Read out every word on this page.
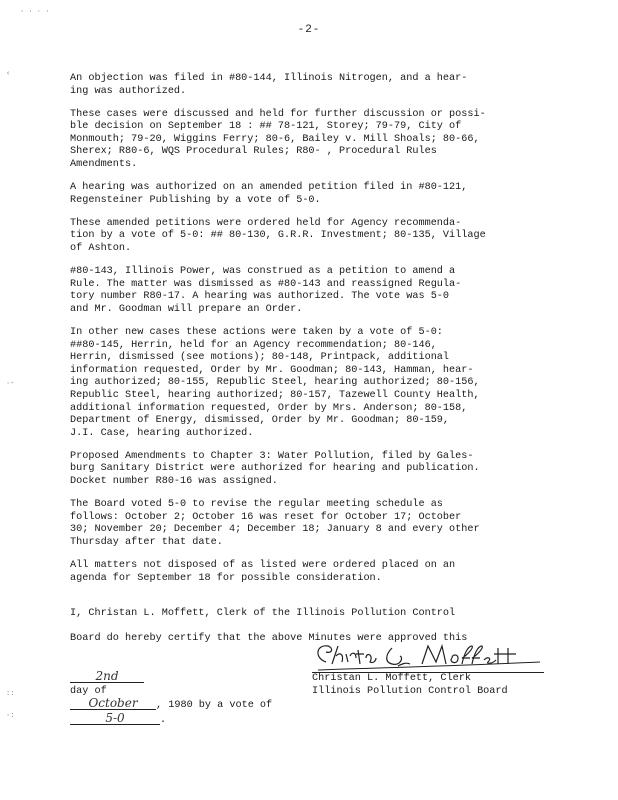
· · · ·
‹
·-
::
·:
-2-

An objection was filed in #80-144, Illinois Nitrogen, and a hear-
ing was authorized.

These cases were discussed and held for further discussion or possi-
ble decision on September 18 : ## 78-121, Storey; 79-79, City of
Monmouth; 79-20, Wiggins Ferry; 80-6, Bailey v. Mill Shoals; 80-66,
Sherex; R80-6, WQS Procedural Rules; R80- , Procedural Rules
Amendments.

A hearing was authorized on an amended petition filed in #80-121,
Regensteiner Publishing by a vote of 5-0.

These amended petitions were ordered held for Agency recommenda-
tion by a vote of 5-0: ## 80-130, G.R.R. Investment; 80-135, Village
of Ashton.

#80-143, Illinois Power, was construed as a petition to amend a
Rule. The matter was dismissed as #80-143 and reassigned Regula-
tory number R80-17. A hearing was authorized. The vote was 5-0
and Mr. Goodman will prepare an Order.

In other new cases these actions were taken by a vote of 5-0:
##80-145, Herrin, held for an Agency recommendation; 80-146,
Herrin, dismissed (see motions); 80-148, Printpack, additional
information requested, Order by Mr. Goodman; 80-143, Hamman, hear-
ing authorized; 80-155, Republic Steel, hearing authorized; 80-156,
Republic Steel, hearing authorized; 80-157, Tazewell County Health,
additional information requested, Order by Mrs. Anderson; 80-158,
Department of Energy, dismissed, Order by Mr. Goodman; 80-159,
J.I. Case, hearing authorized.

Proposed Amendments to Chapter 3: Water Pollution, filed by Gales-
burg Sanitary District were authorized for hearing and publication.
Docket number R80-16 was assigned.

The Board voted 5-0 to revise the regular meeting schedule as
follows: October 2; October 16 was reset for October 17; October
30; November 20; December 4; December 18; January 8 and every other
Thursday after that date.

All matters not disposed of as listed were ordered placed on an
agenda for September 18 for possible consideration.

I, Christan L. Moffett, Clerk of the Illinois Pollution Control

Board do hereby certify that the above Minutes were approved this

2nd
day of
October , 1980 by a vote of
5-0	.

Christan L. Moffett, Clerk
Illinois Pollution Control Board
